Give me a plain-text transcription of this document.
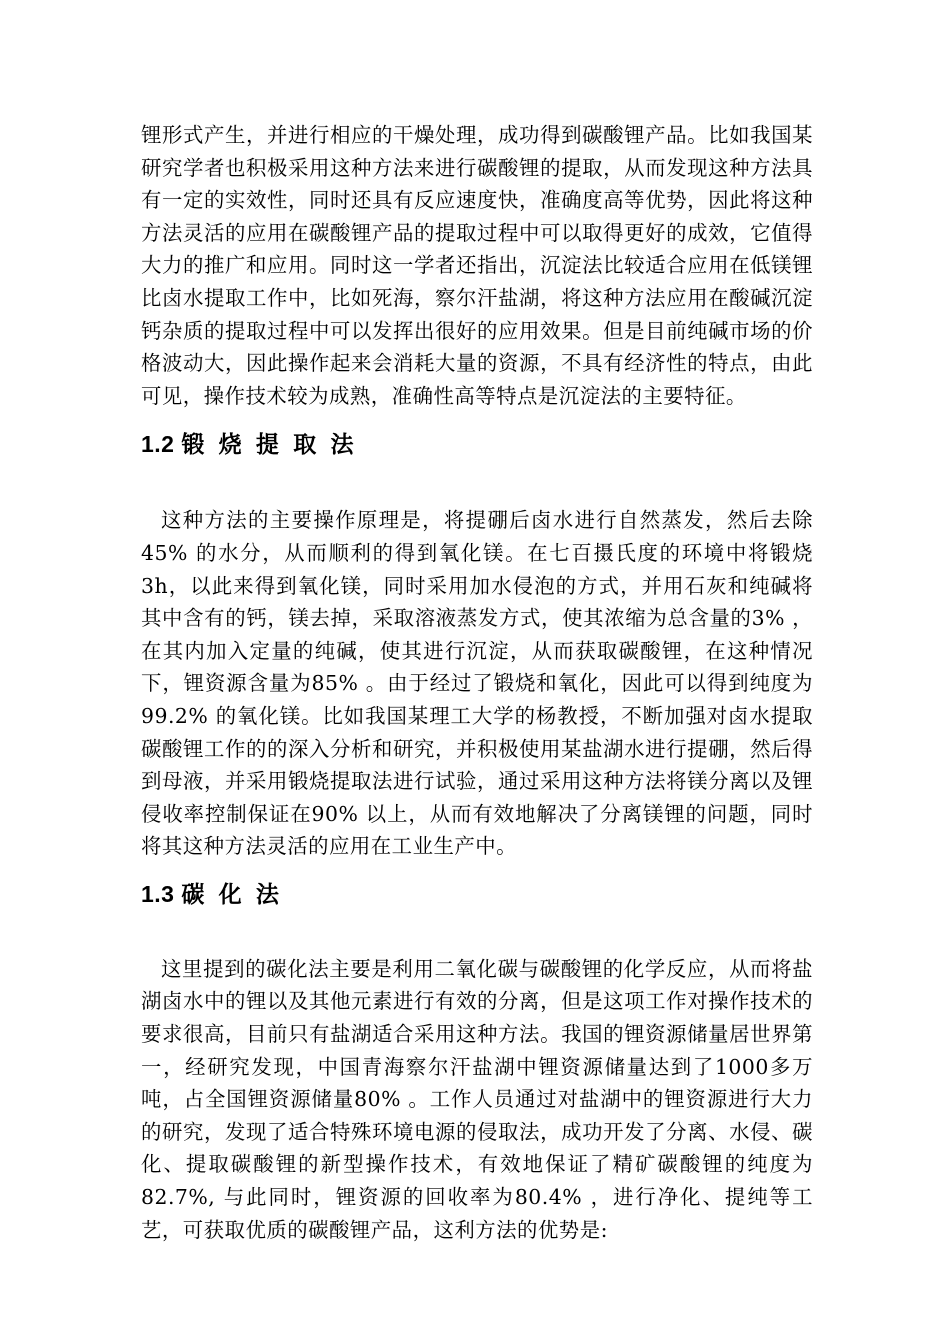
锂形式产生，并进行相应的干燥处理，成功得到碳酸锂产品。比如我国某研究学者也积极采用这种方法来进行碳酸锂的提取，从而发现这种方法具有一定的实效性，同时还具有反应速度快，准确度高等优势，因此将这种方法灵活的应用在碳酸锂产品的提取过程中可以取得更好的成效，它值得大力的推广和应用。同时这一学者还指出，沉淀法比较适合应用在低镁锂比卤水提取工作中，比如死海，察尔汗盐湖，将这种方法应用在酸碱沉淀钙杂质的提取过程中可以发挥出很好的应用效果。但是目前纯碱市场的价格波动大，因此操作起来会消耗大量的资源，不具有经济性的特点，由此可见，操作技术较为成熟，准确性高等特点是沉淀法的主要特征。

1.2 锻  烧  提  取  法

这种方法的主要操作原理是，将提硼后卤水进行自然蒸发，然后去除45% 的水分，从而顺利的得到氧化镁。在七百摄氏度的环境中将锻烧3h，以此来得到氧化镁，同时采用加水侵泡的方式，并用石灰和纯碱将其中含有的钙，镁去掉，采取溶液蒸发方式，使其浓缩为总含量的3% ，在其内加入定量的纯碱，使其进行沉淀，从而获取碳酸锂，在这种情况下，锂资源含量为85% 。由于经过了锻烧和氧化，因此可以得到纯度为99.2% 的氧化镁。比如我国某理工大学的杨教授，不断加强对卤水提取碳酸锂工作的的深入分析和研究，并积极使用某盐湖水进行提硼，然后得到母液，并采用锻烧提取法进行试验，通过采用这种方法将镁分离以及锂侵收率控制保证在90% 以上，从而有效地解决了分离镁锂的问题，同时将其这种方法灵活的应用在工业生产中。

1.3 碳  化  法

这里提到的碳化法主要是利用二氧化碳与碳酸锂的化学反应，从而将盐湖卤水中的锂以及其他元素进行有效的分离，但是这项工作对操作技术的要求很高，目前只有盐湖适合采用这种方法。我国的锂资源储量居世界第一，经研究发现，中国青海察尔汗盐湖中锂资源储量达到了1000多万吨，占全国锂资源储量80% 。工作人员通过对盐湖中的锂资源进行大力的研究，发现了适合特殊环境电源的侵取法，成功开发了分离、水侵、碳化、提取碳酸锂的新型操作技术，有效地保证了精矿碳酸锂的纯度为82.7%, 与此同时，锂资源的回收率为80.4% ，进行净化、提纯等工艺，可获取优质的碳酸锂产品，这利方法的优势是:
